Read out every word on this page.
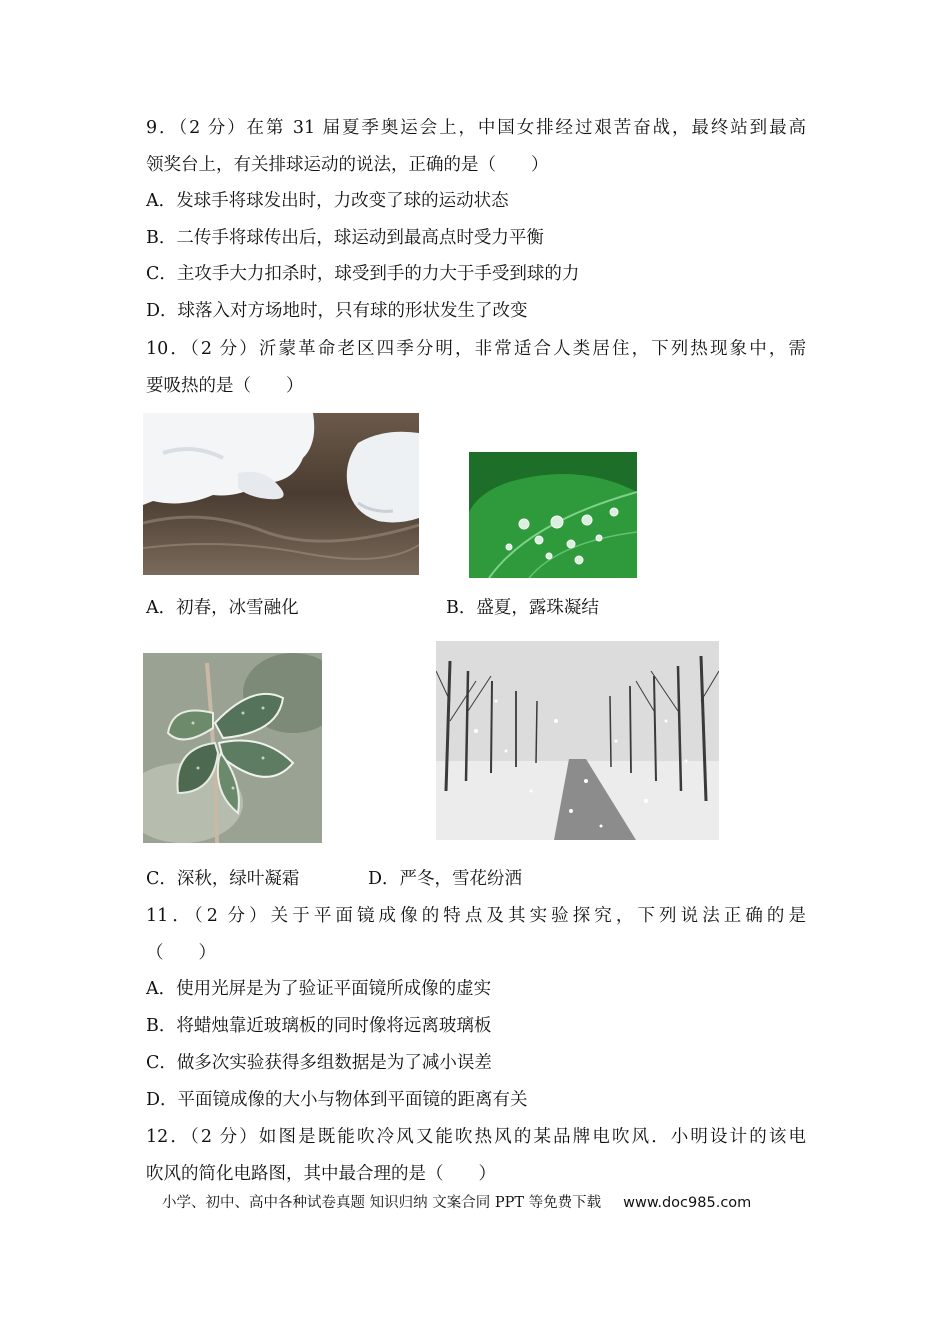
9．（2 分）在第 31 届夏季奥运会上，中国女排经过艰苦奋战，最终站到最高
领奖台上，有关排球运动的说法，正确的是（　　）
A．发球手将球发出时，力改变了球的运动状态
B．二传手将球传出后，球运动到最高点时受力平衡
C．主攻手大力扣杀时，球受到手的力大于手受到球的力
D．球落入对方场地时，只有球的形状发生了改变
10．（2 分）沂蒙革命老区四季分明，非常适合人类居住，下列热现象中，需
要吸热的是（　　）
A．初春，冰雪融化	B．盛夏，露珠凝结
C．深秋，绿叶凝霜	D．严冬，雪花纷洒
11．（2 分）关于平面镜成像的特点及其实验探究，下列说法正确的是
（　　）
A．使用光屏是为了验证平面镜所成像的虚实
B．将蜡烛靠近玻璃板的同时像将远离玻璃板
C．做多次实验获得多组数据是为了减小误差
D．平面镜成像的大小与物体到平面镜的距离有关
12．（2 分）如图是既能吹冷风又能吹热风的某品牌电吹风．小明设计的该电
吹风的简化电路图，其中最合理的是（　　）
小学、初中、高中各种试卷真题 知识归纳 文案合同 PPT 等免费下载 www.doc985.com
